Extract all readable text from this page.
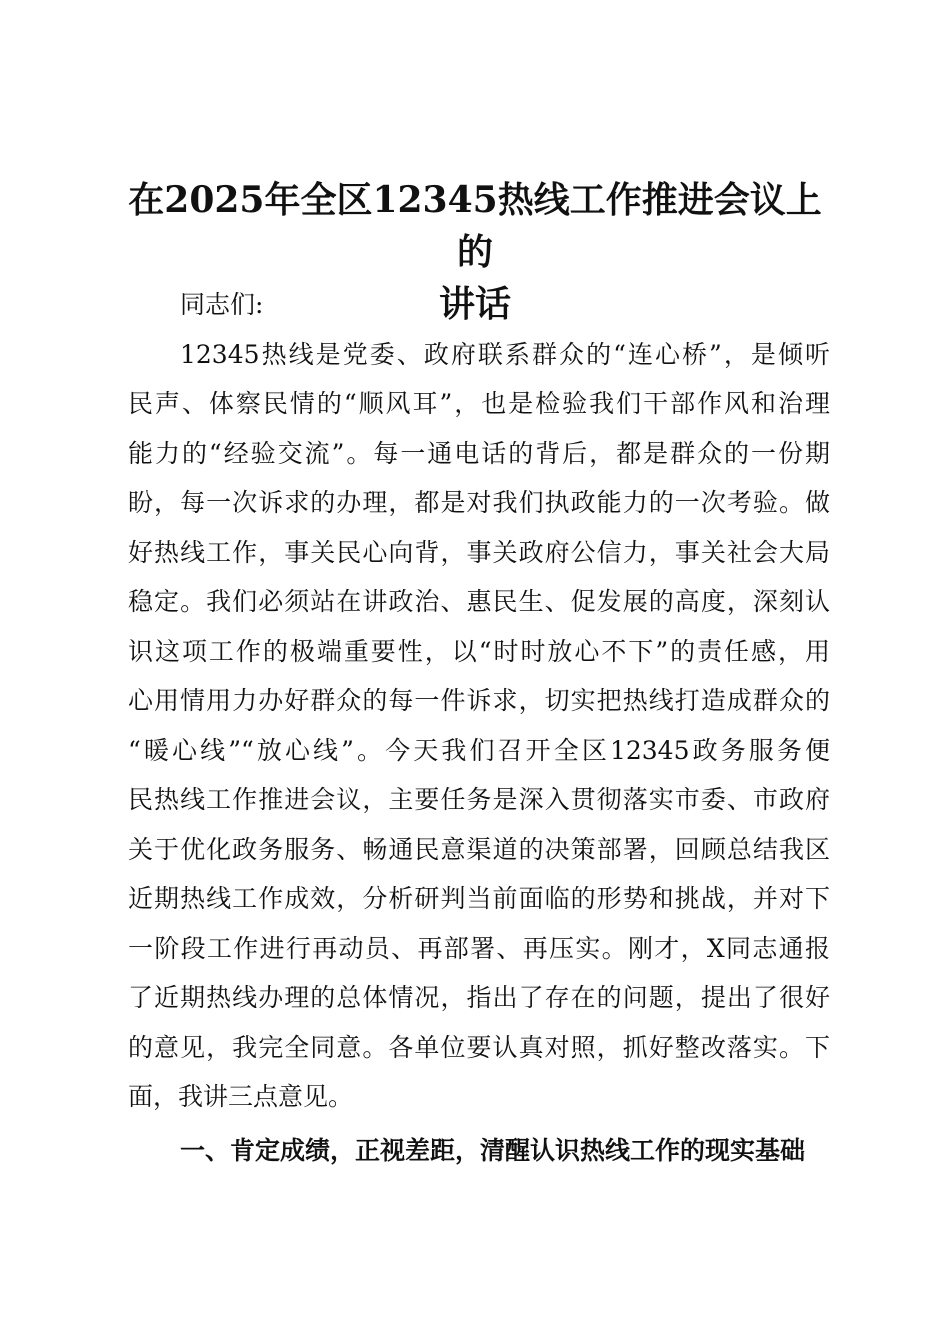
在2025年全区12345热线工作推进会议上的
讲话
同志们:
12345热线是党委、政府联系群众的“连心桥”，是倾听
民声、体察民情的“顺风耳”，也是检验我们干部作风和治理
能力的“经验交流”。每一通电话的背后，都是群众的一份期
盼，每一次诉求的办理，都是对我们执政能力的一次考验。做
好热线工作，事关民心向背，事关政府公信力，事关社会大局
稳定。我们必须站在讲政治、惠民生、促发展的高度，深刻认
识这项工作的极端重要性，以“时时放心不下”的责任感，用
心用情用力办好群众的每一件诉求，切实把热线打造成群众的
“暖心线”“放心线”。今天我们召开全区12345政务服务便
民热线工作推进会议，主要任务是深入贯彻落实市委、市政府
关于优化政务服务、畅通民意渠道的决策部署，回顾总结我区
近期热线工作成效，分析研判当前面临的形势和挑战，并对下
一阶段工作进行再动员、再部署、再压实。刚才，X同志通报
了近期热线办理的总体情况，指出了存在的问题，提出了很好
的意见，我完全同意。各单位要认真对照，抓好整改落实。下
面，我讲三点意见。
一、肯定成绩，正视差距，清醒认识热线工作的现实基础
